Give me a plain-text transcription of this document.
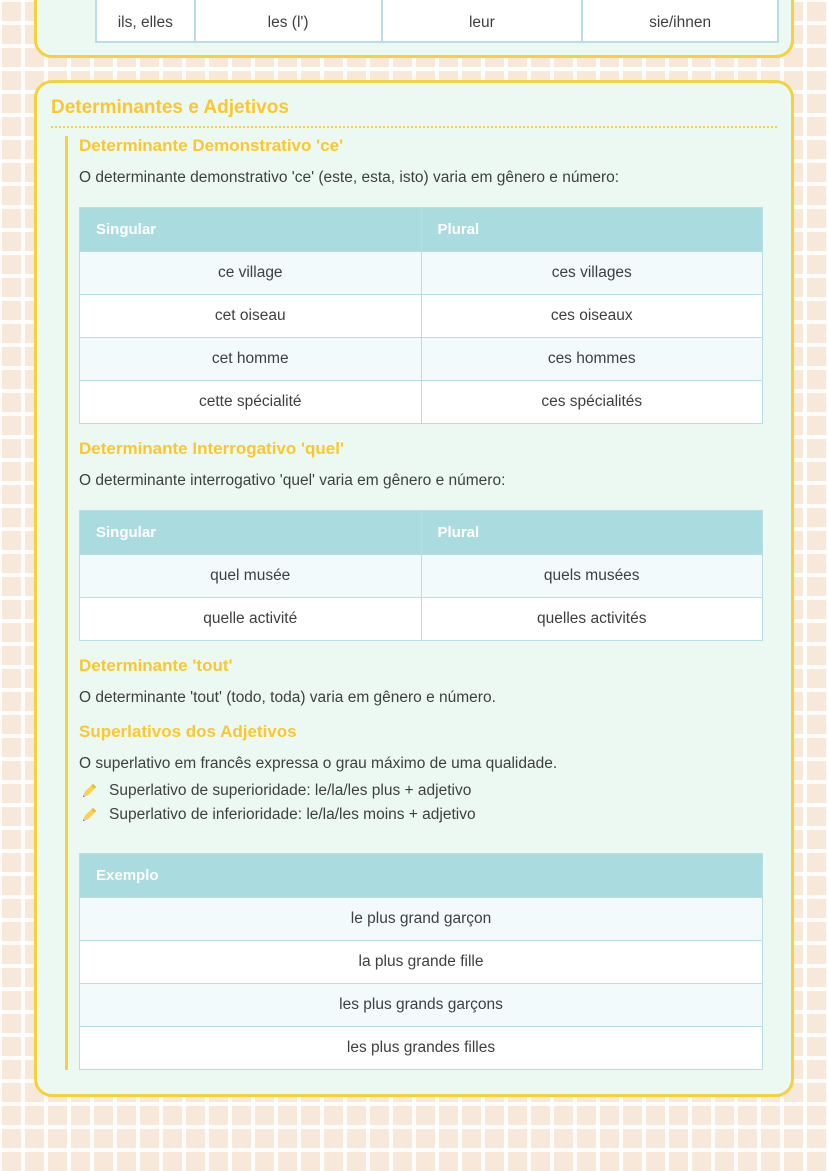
ils, elles	les (l')	leur	sie/ihnen
Determinantes e Adjetivos
Determinante Demonstrativo 'ce'

O determinante demonstrativo 'ce' (este, esta, isto) varia em gênero e número:

Singular	Plural
ce village	ces villages
cet oiseau	ces oiseaux
cet homme	ces hommes
cette spécialité	ces spécialités
Determinante Interrogativo 'quel'

O determinante interrogativo 'quel' varia em gênero e número:

Singular	Plural
quel musée	quels musées
quelle activité	quelles activités
Determinante 'tout'

O determinante 'tout' (todo, toda) varia em gênero e número.

Superlativos dos Adjetivos

O superlativo em francês expressa o grau máximo de uma qualidade.

Superlativo de superioridade: le/la/les plus + adjetivo
Superlativo de inferioridade: le/la/les moins + adjetivo
Exemplo
le plus grand garçon
la plus grande fille
les plus grands garçons
les plus grandes filles
